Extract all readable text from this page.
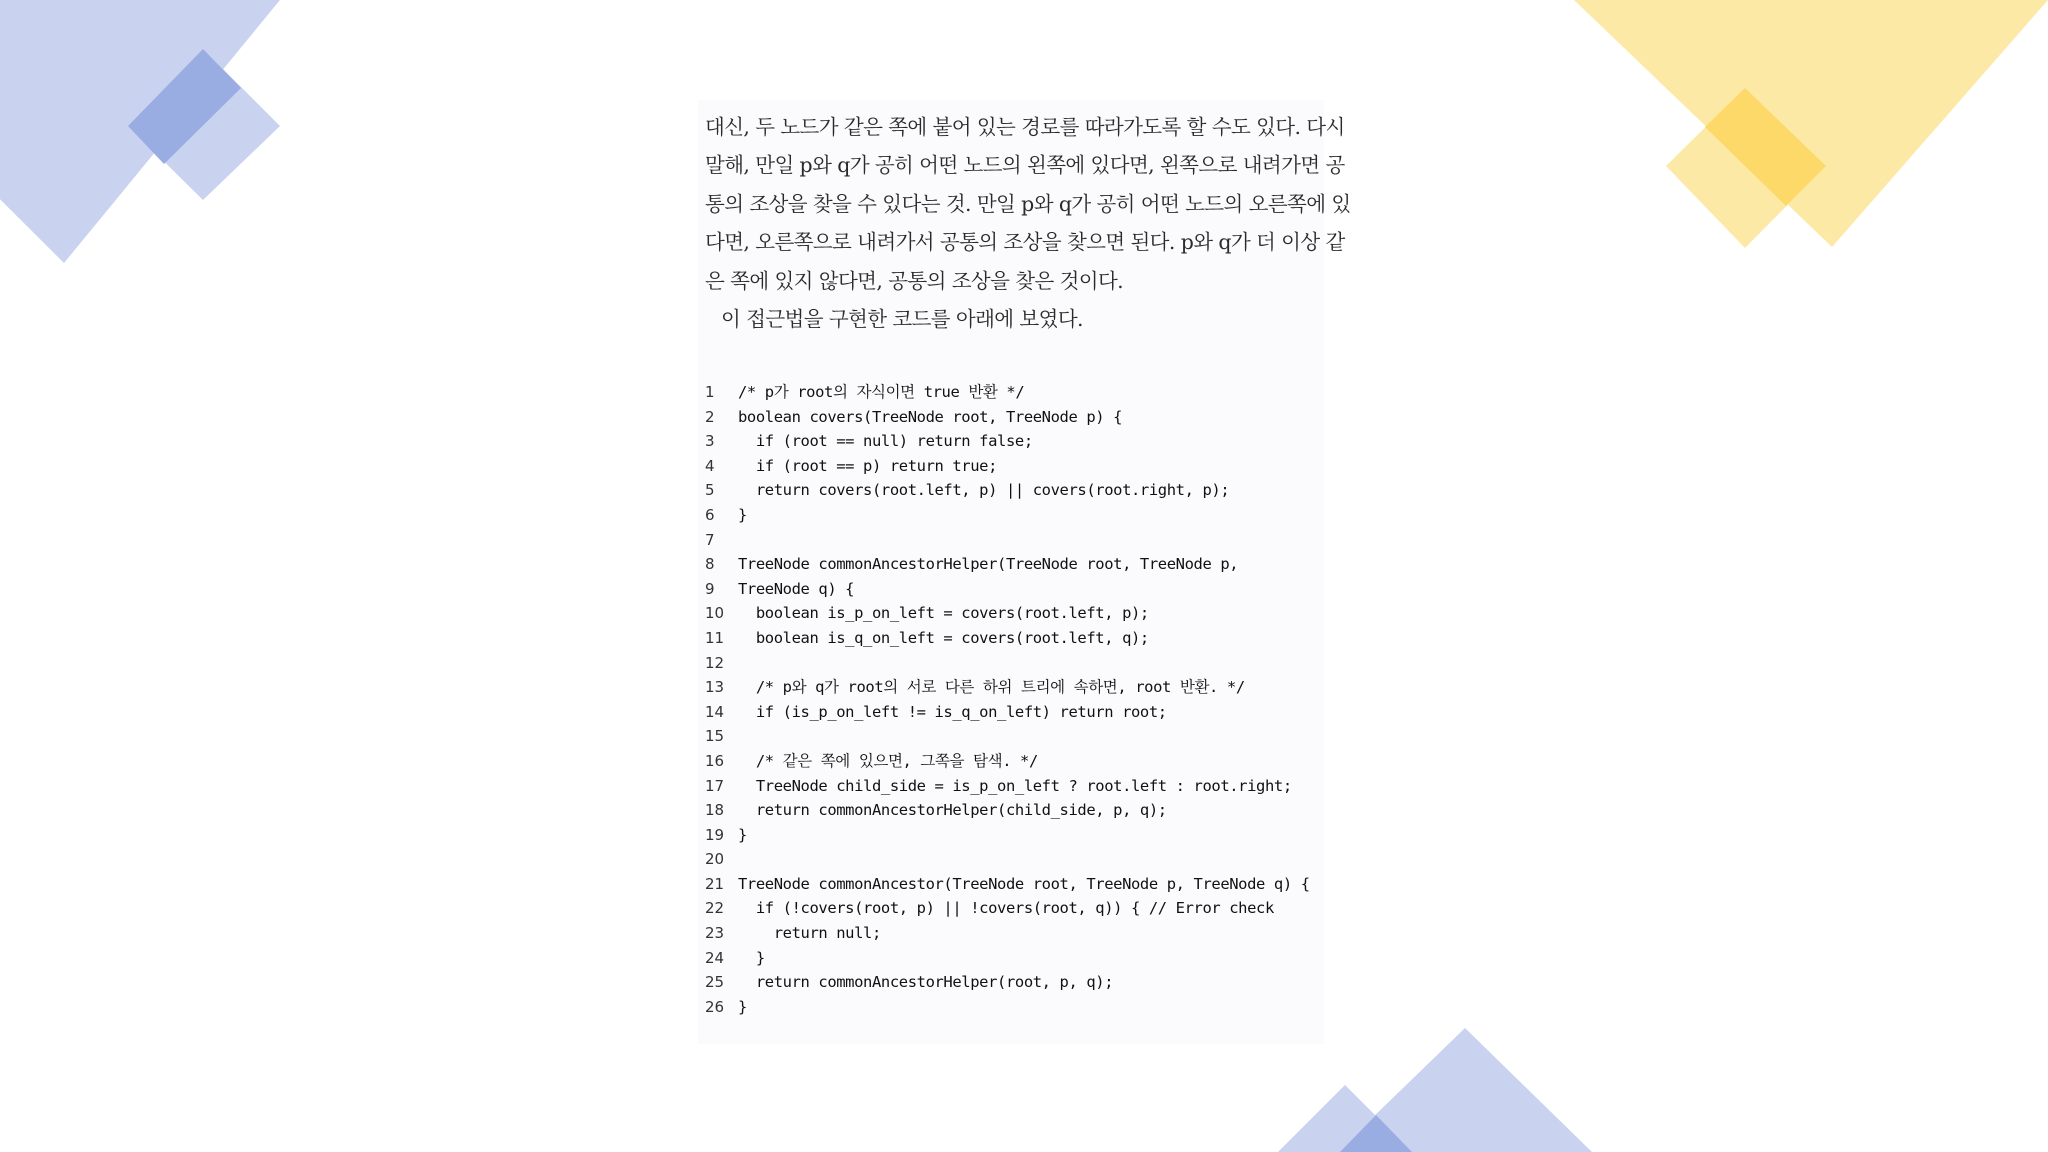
대신, 두 노드가 같은 쪽에 붙어 있는 경로를 따라가도록 할 수도 있다. 다시
말해, 만일 p와 q가 공히 어떤 노드의 왼쪽에 있다면, 왼쪽으로 내려가면 공
통의 조상을 찾을 수 있다는 것. 만일 p와 q가 공히 어떤 노드의 오른쪽에 있
다면, 오른쪽으로 내려가서 공통의 조상을 찾으면 된다. p와 q가 더 이상 같
은 쪽에 있지 않다면, 공통의 조상을 찾은 것이다.
이 접근법을 구현한 코드를 아래에 보였다.
1	/* p가 root의 자식이면 true 반환 */
2	boolean covers(TreeNode root, TreeNode p) {
3	if (root == null) return false;
4	if (root == p) return true;
5	return covers(root.left, p) || covers(root.right, p);
6	}
7
8	TreeNode commonAncestorHelper(TreeNode root, TreeNode p,
9	TreeNode q) {
10 boolean is_p_on_left = covers(root.left, p);
11 boolean is_q_on_left = covers(root.left, q);
12
13 /* p와 q가 root의 서로 다른 하위 트리에 속하면, root 반환. */
14 if (is_p_on_left != is_q_on_left) return root;
15
16 /* 같은 쪽에 있으면, 그쪽을 탐색. */
17 TreeNode child_side = is_p_on_left ? root.left : root.right;
18 return commonAncestorHelper(child_side, p, q);
19 }
20
21 TreeNode commonAncestor(TreeNode root, TreeNode p, TreeNode q) {
22 if (!covers(root, p) || !covers(root, q)) { // Error check
23 return null;
24 }
25 return commonAncestorHelper(root, p, q);
26 }
